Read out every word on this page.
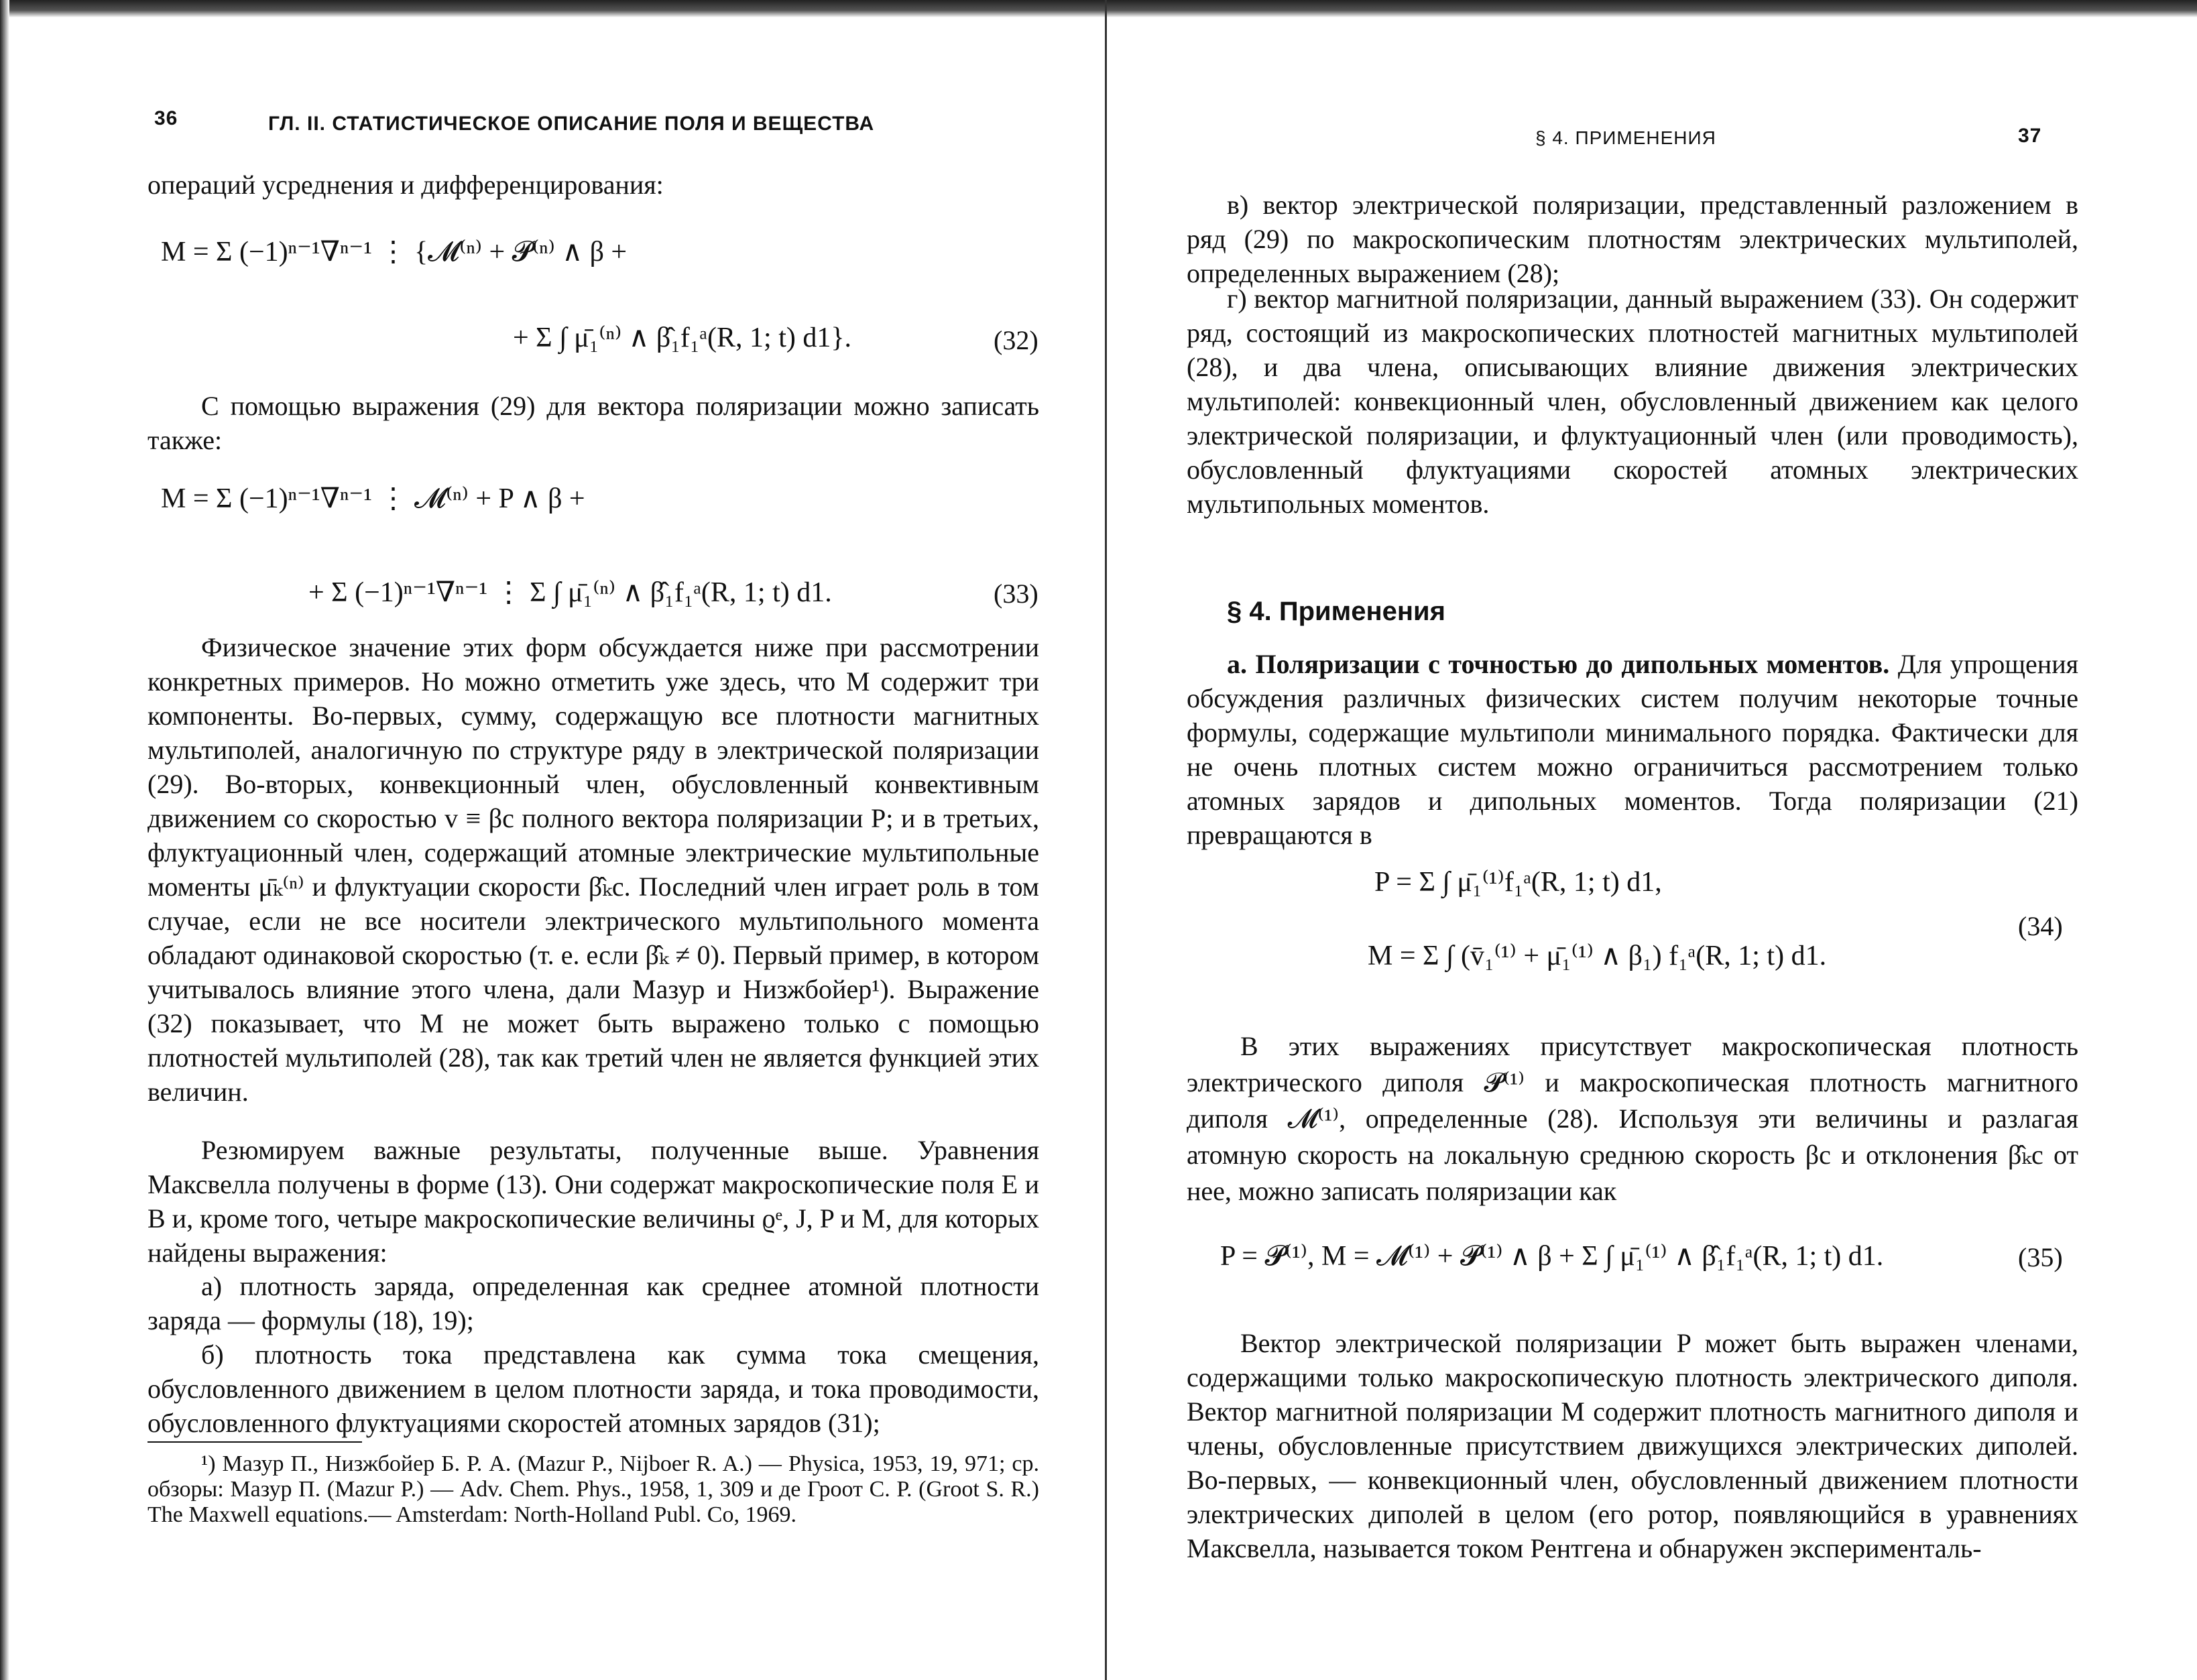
36	ГЛ. II. СТАТИСТИЧЕСКОЕ ОПИСАНИЕ ПОЛЯ И ВЕЩЕСТВА

операций усреднения и дифференцирования:

M = Σ (−1)ⁿ⁻¹∇ⁿ⁻¹ ⋮ {𝓜⁽ⁿ⁾ + 𝓟⁽ⁿ⁾ ∧ β +
+ Σ ∫ μ̄₁⁽ⁿ⁾ ∧ β̂₁f₁ᵃ(R, 1; t) d1}.	(32)

С помощью выражения (29) для вектора поляризации можно записать также:

M = Σ (−1)ⁿ⁻¹∇ⁿ⁻¹ ⋮ 𝓜⁽ⁿ⁾ + P ∧ β +
+ Σ (−1)ⁿ⁻¹∇ⁿ⁻¹ ⋮ Σ ∫ μ̄₁⁽ⁿ⁾ ∧ β̂₁f₁ᵃ(R, 1; t) d1.	(33)

Физическое значение этих форм обсуждается ниже при рассмотрении конкретных примеров. Но можно отметить уже здесь, что M содержит три компоненты. Во-первых, сумму, содержащую все плотности магнитных мультиполей, аналогичную по структуре ряду в электрической поляризации (29). Во-вторых, конвекционный член, обусловленный конвективным движением со скоростью v ≡ βc полного вектора поляризации P; и в третьих, флуктуационный член, содержащий атомные электрические мультипольные моменты μ̄ₖ⁽ⁿ⁾ и флуктуации скорости β̂ₖc. Последний член играет роль в том случае, если не все носители электрического мультипольного момента обладают одинаковой скоростью (т. е. если β̂ₖ ≠ 0). Первый пример, в котором учитывалось влияние этого члена, дали Мазур и Низжбойер¹). Выражение (32) показывает, что M не может быть выражено только с помощью плотностей мультиполей (28), так как третий член не является функцией этих величин.

Резюмируем важные результаты, полученные выше. Уравнения Максвелла получены в форме (13). Они содержат макроскопические поля E и B и, кроме того, четыре макроскопические величины ϱᵉ, J, P и M, для которых найдены выражения:

а) плотность заряда, определенная как среднее атомной плотности заряда — формулы (18), 19);

б) плотность тока представлена как сумма тока смещения, обусловленного движением в целом плотности заряда, и тока проводимости, обусловленного флуктуациями скоростей атомных зарядов (31);

¹) Мазур П., Низжбойер Б. Р. А. (Mazur P., Nijboer R. A.) — Physica, 1953, 19, 971; ср. обзоры: Мазур П. (Mazur P.) — Adv. Chem. Phys., 1958, 1, 309 и де Гроот С. Р. (Groot S. R.) The Maxwell equations.— Amsterdam: North-Holland Publ. Co, 1969.

§ 4. ПРИМЕНЕНИЯ	37

в) вектор электрической поляризации, представленный разложением в ряд (29) по макроскопическим плотностям электрических мультиполей, определенных выражением (28);

г) вектор магнитной поляризации, данный выражением (33). Он содержит ряд, состоящий из макроскопических плотностей магнитных мультиполей (28), и два члена, описывающих влияние движения электрических мультиполей: конвекционный член, обусловленный движением как целого электрической поляризации, и флуктуационный член (или проводимость), обусловленный флуктуациями скоростей атомных электрических мультипольных моментов.

§ 4. Применения

а. Поляризации с точностью до дипольных моментов. Для упрощения обсуждения различных физических систем получим некоторые точные формулы, содержащие мультиполи минимального порядка. Фактически для не очень плотных систем можно ограничиться рассмотрением только атомных зарядов и дипольных моментов. Тогда поляризации (21) превращаются в

P = Σ ∫ μ̄₁⁽¹⁾f₁ᵃ(R, 1; t) d1,
M = Σ ∫ (v̄₁⁽¹⁾ + μ̄₁⁽¹⁾ ∧ β₁) f₁ᵃ(R, 1; t) d1.
(34)

В этих выражениях присутствует макроскопическая плотность электрического диполя 𝓟⁽¹⁾ и макроскопическая плотность магнитного диполя 𝓜⁽¹⁾, определенные (28). Используя эти величины и разлагая атомную скорость на локальную среднюю скорость βc и отклонения β̂ₖc от нее, можно записать поляризации как

P = 𝓟⁽¹⁾, M = 𝓜⁽¹⁾ + 𝓟⁽¹⁾ ∧ β + Σ ∫ μ̄₁⁽¹⁾ ∧ β̂₁f₁ᵃ(R, 1; t) d1.	(35)

Вектор электрической поляризации P может быть выражен членами, содержащими только макроскопическую плотность электрического диполя. Вектор магнитной поляризации M содержит плотность магнитного диполя и члены, обусловленные присутствием движущихся электрических диполей. Во-первых, — конвекционный член, обусловленный движением плотности электрических диполей в целом (его ротор, появляющийся в уравнениях Максвелла, называется током Рентгена и обнаружен эксперименталь-
